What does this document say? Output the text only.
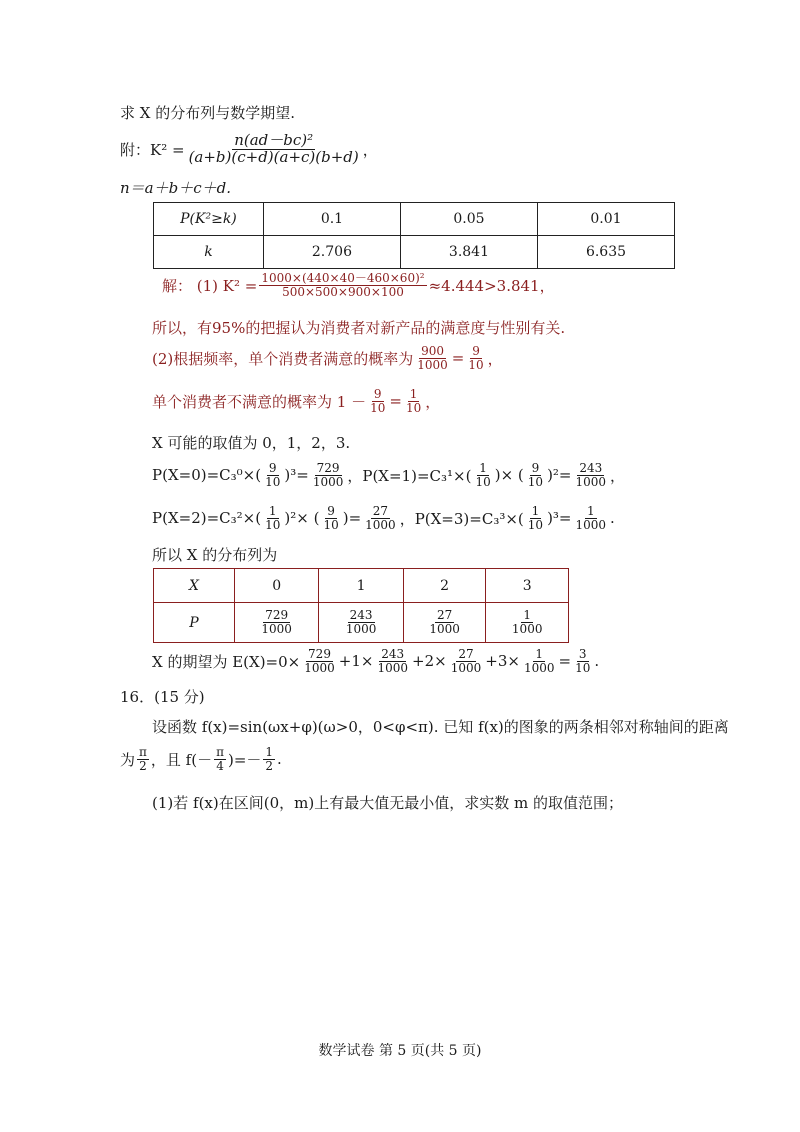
求 X 的分布列与数学期望.
附：$K^2 = \frac{\text{n(ad－bc)²}}{(a+b)(c+d)(a+c)(b+d)}$ ，
n＝a＋b＋c＋d.
P(K²≥k)	0.1	0.05	0.01
k	2.706	3.841	6.635
解： (1) $K^2 = \frac{\text{1000×(440×40－460×60)²}}{500\times 500\times 900\times 100} \approx 4.444>3.841$，
所以，有95%的把握认为消费者对新产品的满意度与性别有关.
(2)根据频率，单个消费者满意的概率为 $\frac{900}{1000} = \frac{9}{10}$ ，
单个消费者不满意的概率为 $1 - \frac{9}{10} = \frac{1}{10}$ ，
X 可能的取值为 0，1，2，3.
$P(X=0)=C_3^0\times( \frac{9}{10} )^3= \frac{729}{1000}$ ，$P(X=1)=C_3^1\times( \frac{1}{10}$ )× ( $\frac{9}{10} )^2= \frac{243}{1000}$ ，
$P(X=2)=C_3^2\times( \frac{1}{10} )^2\times$ ( $\frac{9}{10}$ )= $\frac{27}{1000}$ ，$P(X=3)=C_3^3\times( \frac{1}{10} )^3= \frac{1}{1000}$ .
所以 X 的分布列为
X	0	1	2	3
P	$\frac{729}{1000}$	$\frac{243}{1000}$	$\frac{27}{1000}$	$\frac{1}{1000}$
X 的期望为 $E(X)=0\times \frac{729}{1000} +1\times \frac{243}{1000} +2\times \frac{27}{1000} +3\times \frac{1}{1000} = \frac{3}{10}$ .
16．(15 分)
设函数 f(x)=sin(ωx+φ)(ω>0，0<φ<π). 已知 f(x)的图象的两条相邻对称轴间的距离
为 $\frac{\pi}{2}$ ，且 $f(- \frac{\pi}{4}$ )=－ $\frac{1}{2}$ .
(1)若 f(x)在区间(0，m)上有最大值无最小值，求实数 m 的取值范围；
数学试卷 第 5 页(共 5 页)
